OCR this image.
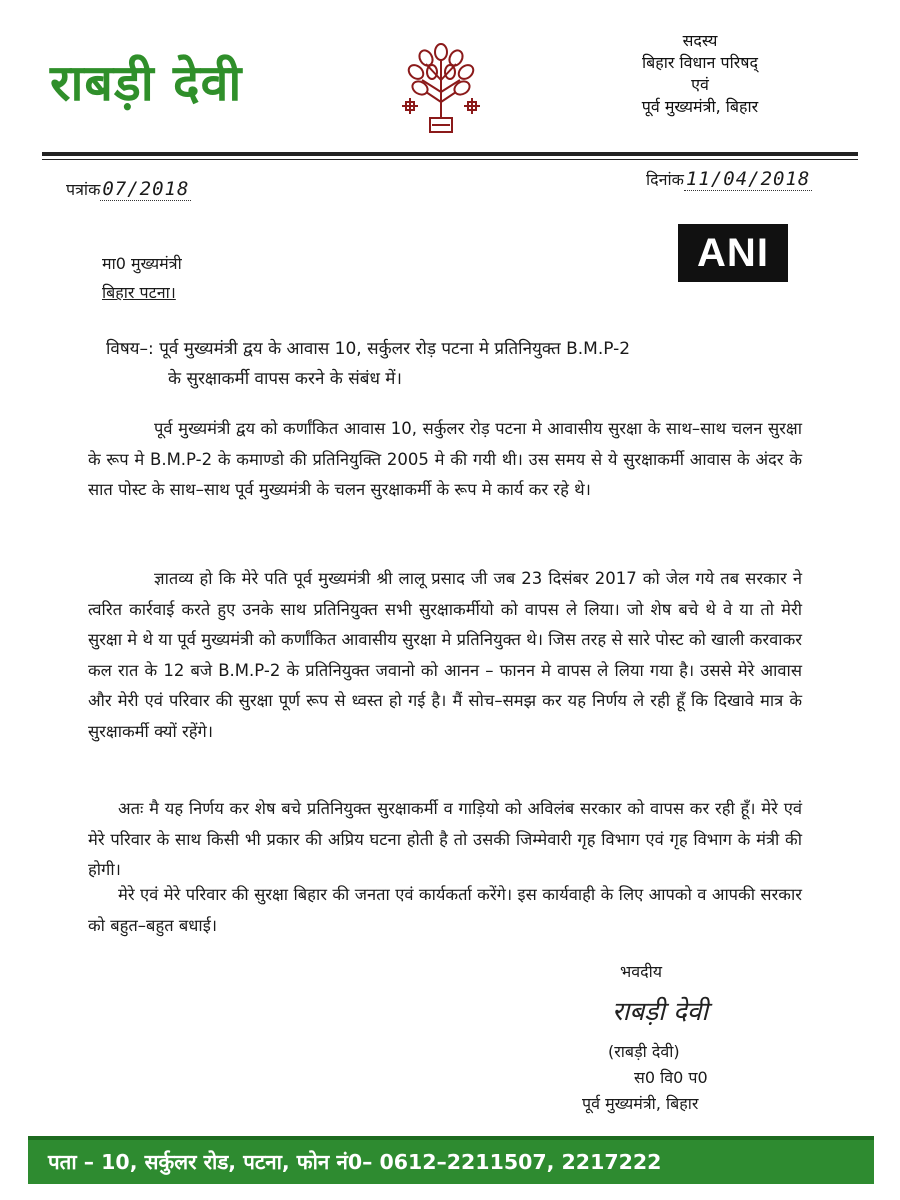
राबड़ी देवी
सदस्य
बिहार विधान परिषद्
एवं
पूर्व मुख्यमंत्री, बिहार
पत्रांक 07/2018	दिनांक 11/04/2018
ANI
मा0 मुख्यमंत्री
बिहार पटना।
विषय–: पूर्व मुख्यमंत्री द्वय के आवास 10, सर्कुलर रोड़ पटना मे प्रतिनियुक्त B.M.P-2
के सुरक्षाकर्मी वापस करने के संबंध में।

पूर्व मुख्यमंत्री द्वय को कर्णांकित आवास 10, सर्कुलर रोड़ पटना मे आवासीय सुरक्षा के साथ–साथ चलन सुरक्षा के रूप मे B.M.P-2 के कमाण्डो की प्रतिनियुक्ति 2005 मे की गयी थी। उस समय से ये सुरक्षाकर्मी आवास के अंदर के सात पोस्ट के साथ–साथ पूर्व मुख्यमंत्री के चलन सुरक्षाकर्मी के रूप मे कार्य कर रहे थे।

ज्ञातव्य हो कि मेरे पति पूर्व मुख्यमंत्री श्री लालू प्रसाद जी जब 23 दिसंबर 2017 को जेल गये तब सरकार ने त्वरित कार्रवाई करते हुए उनके साथ प्रतिनियुक्त सभी सुरक्षाकर्मीयो को वापस ले लिया। जो शेष बचे थे वे या तो मेरी सुरक्षा मे थे या पूर्व मुख्यमंत्री को कर्णांकित आवासीय सुरक्षा मे प्रतिनियुक्त थे। जिस तरह से सारे पोस्ट को खाली करवाकर कल रात के 12 बजे B.M.P-2 के प्रतिनियुक्त जवानो को आनन – फानन मे वापस ले लिया गया है। उससे मेरे आवास और मेरी एवं परिवार की सुरक्षा पूर्ण रूप से ध्वस्त हो गई है। मैं सोच–समझ कर यह निर्णय ले रही हूँ कि दिखावे मात्र के सुरक्षाकर्मी क्यों रहेंगे।

अतः मै यह निर्णय कर शेष बचे प्रतिनियुक्त सुरक्षाकर्मी व गाड़ियो को अविलंब सरकार को वापस कर रही हूँ। मेरे एवं मेरे परिवार के साथ किसी भी प्रकार की अप्रिय घटना होती है तो उसकी जिम्मेवारी गृह विभाग एवं गृह विभाग के मंत्री की होगी।

मेरे एवं मेरे परिवार की सुरक्षा बिहार की जनता एवं कार्यकर्ता करेंगे। इस कार्यवाही के लिए आपको व आपकी सरकार को बहुत–बहुत बधाई।

भवदीय
राबड़ी देवी
(राबड़ी देवी)
स0 वि0 प0
पूर्व मुख्यमंत्री, बिहार
पता – 10, सर्कुलर रोड, पटना, फोन नं0– 0612–2211507, 2217222
